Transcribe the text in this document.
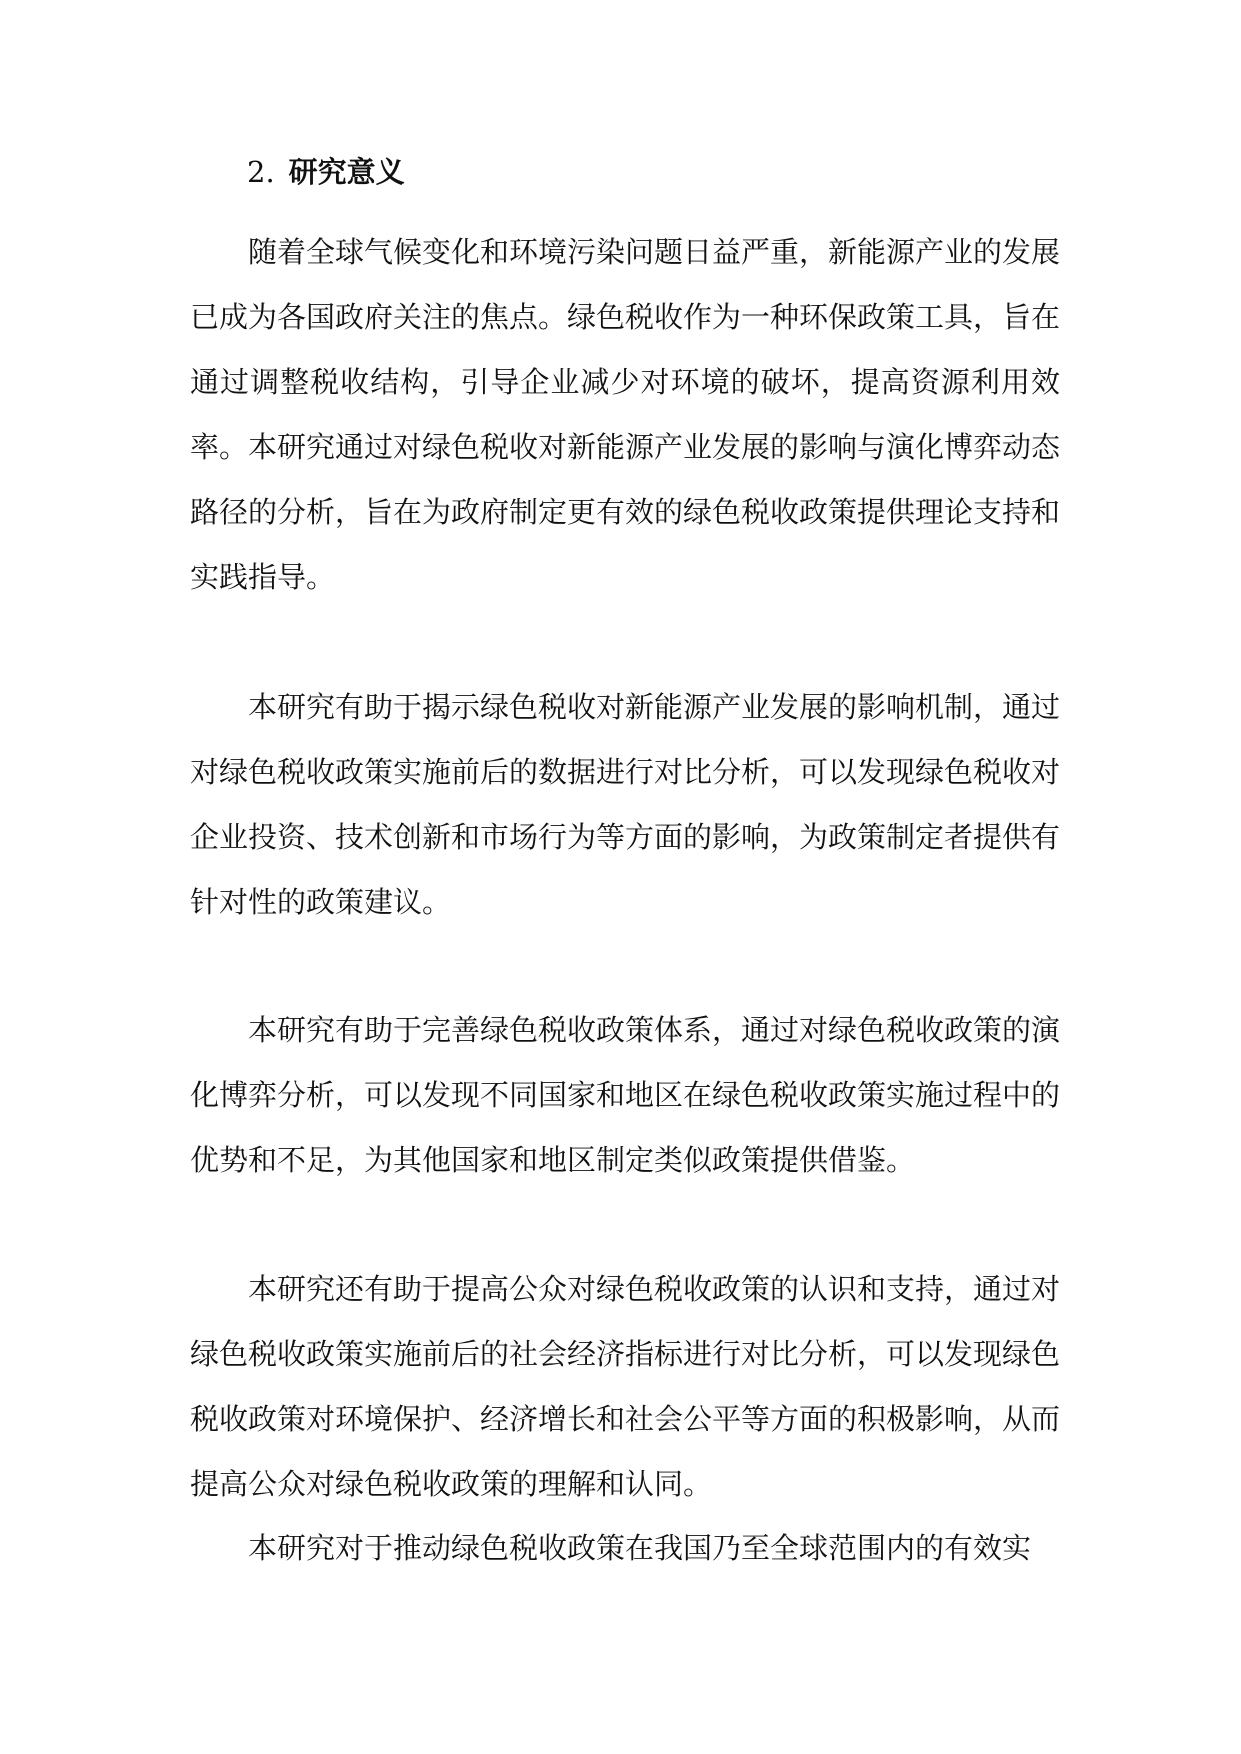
2. 研究意义

随着全球气候变化和环境污染问题日益严重，新能源产业的发展已成为各国政府关注的焦点。绿色税收作为一种环保政策工具，旨在通过调整税收结构，引导企业减少对环境的破坏，提高资源利用效率。本研究通过对绿色税收对新能源产业发展的影响与演化博弈动态路径的分析，旨在为政府制定更有效的绿色税收政策提供理论支持和实践指导。

本研究有助于揭示绿色税收对新能源产业发展的影响机制，通过对绿色税收政策实施前后的数据进行对比分析，可以发现绿色税收对企业投资、技术创新和市场行为等方面的影响，为政策制定者提供有针对性的政策建议。

本研究有助于完善绿色税收政策体系，通过对绿色税收政策的演化博弈分析，可以发现不同国家和地区在绿色税收政策实施过程中的优势和不足，为其他国家和地区制定类似政策提供借鉴。

本研究还有助于提高公众对绿色税收政策的认识和支持，通过对绿色税收政策实施前后的社会经济指标进行对比分析，可以发现绿色税收政策对环境保护、经济增长和社会公平等方面的积极影响，从而提高公众对绿色税收政策的理解和认同。

本研究对于推动绿色税收政策在我国乃至全球范围内的有效实
